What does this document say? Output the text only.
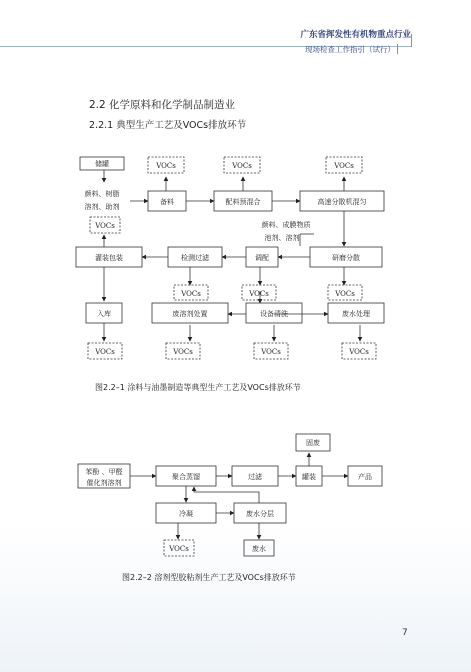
广东省挥发性有机物重点行业
现场检查工作指引（试行）
2.2 化学原料和化学制品制造业
2.2.1 典型生产工艺及VOCs排放环节
储罐	VOCs	VOCs	VOCs
颜料、树脂
溶剂、助剂
备料	配料预混合	高速分散机混匀
颜料、成膜物质
池剂、溶剂
VOCs
灌装包装	检测过滤	调配	研磨分散
VOCs	VOCs	VOCs
入库	废溶剂处置	设备清洗	废水处理
VOCs	VOCs	VOCs	VOCs
固废
苯酚 、甲醛
催化剂溶剂
聚合蒸馏	过滤	罐装	产品
冷凝	废水分层
VOCs	废水
图2.2–1 涂料与油墨制造等典型生产工艺及VOCs排放环节
图2.2–2 溶剂型胶粘剂生产工艺及VOCs排放环节
7
